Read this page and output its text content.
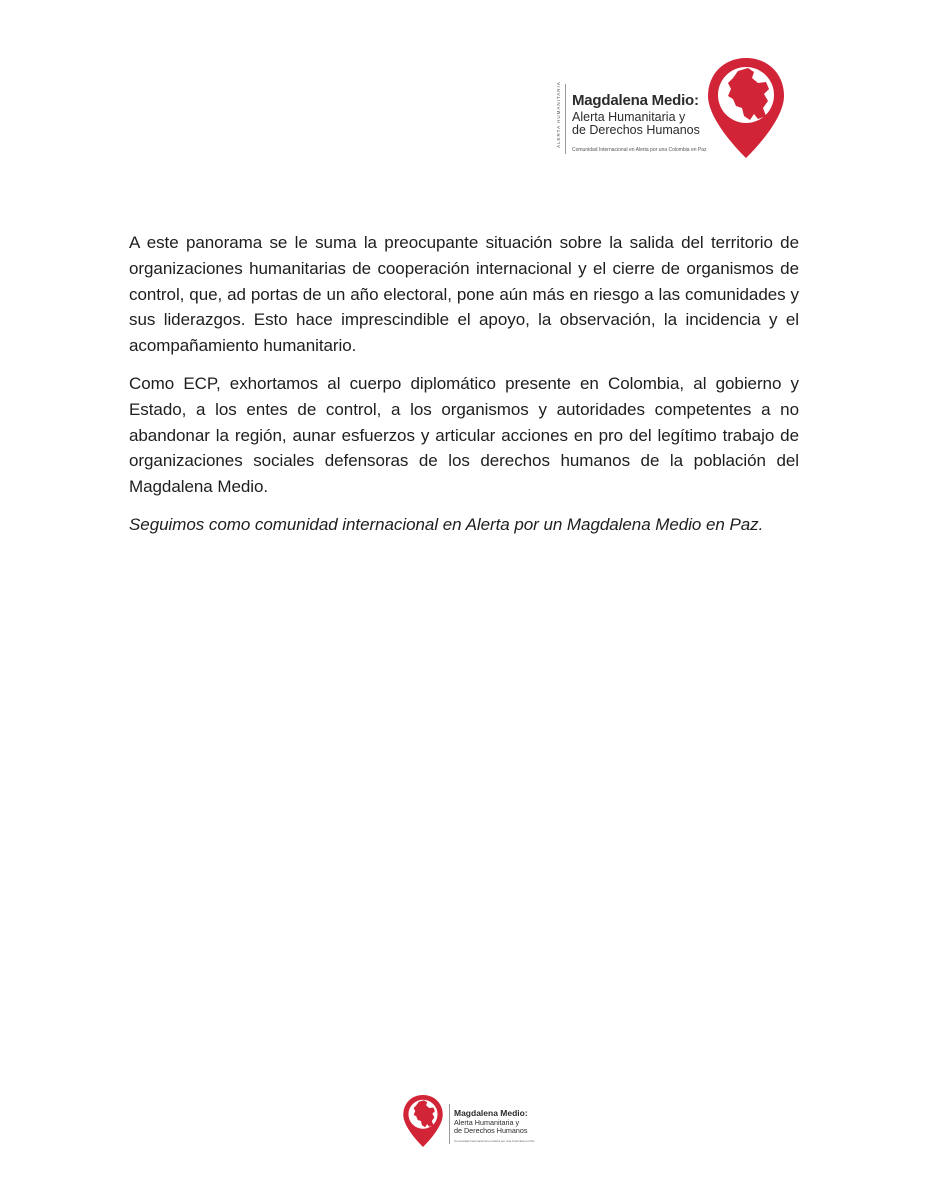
ALERTA HUMANITARIA Magdalena Medio:
Alerta Humanitaria y
de Derechos Humanos
Comunidad Internacional en Alerta por una Colombia en Paz

A este panorama se le suma la preocupante situación sobre la salida del territorio de organizaciones humanitarias de cooperación internacional y el cierre de organismos de control, que, ad portas de un año electoral, pone aún más en riesgo a las comunidades y sus liderazgos. Esto hace imprescindible el apoyo, la observación, la incidencia y el acompañamiento humanitario.

Como ECP, exhortamos al cuerpo diplomático presente en Colombia, al gobierno y Estado, a los entes de control, a los organismos y autoridades competentes a no abandonar la región, aunar esfuerzos y articular acciones en pro del legítimo trabajo de organizaciones sociales defensoras de los derechos humanos de la población del Magdalena Medio.

Seguimos como comunidad internacional en Alerta por un Magdalena Medio en Paz.

Magdalena Medio:
Alerta Humanitaria y
de Derechos Humanos
Comunidad Internacional en Alerta por una Colombia en Paz
